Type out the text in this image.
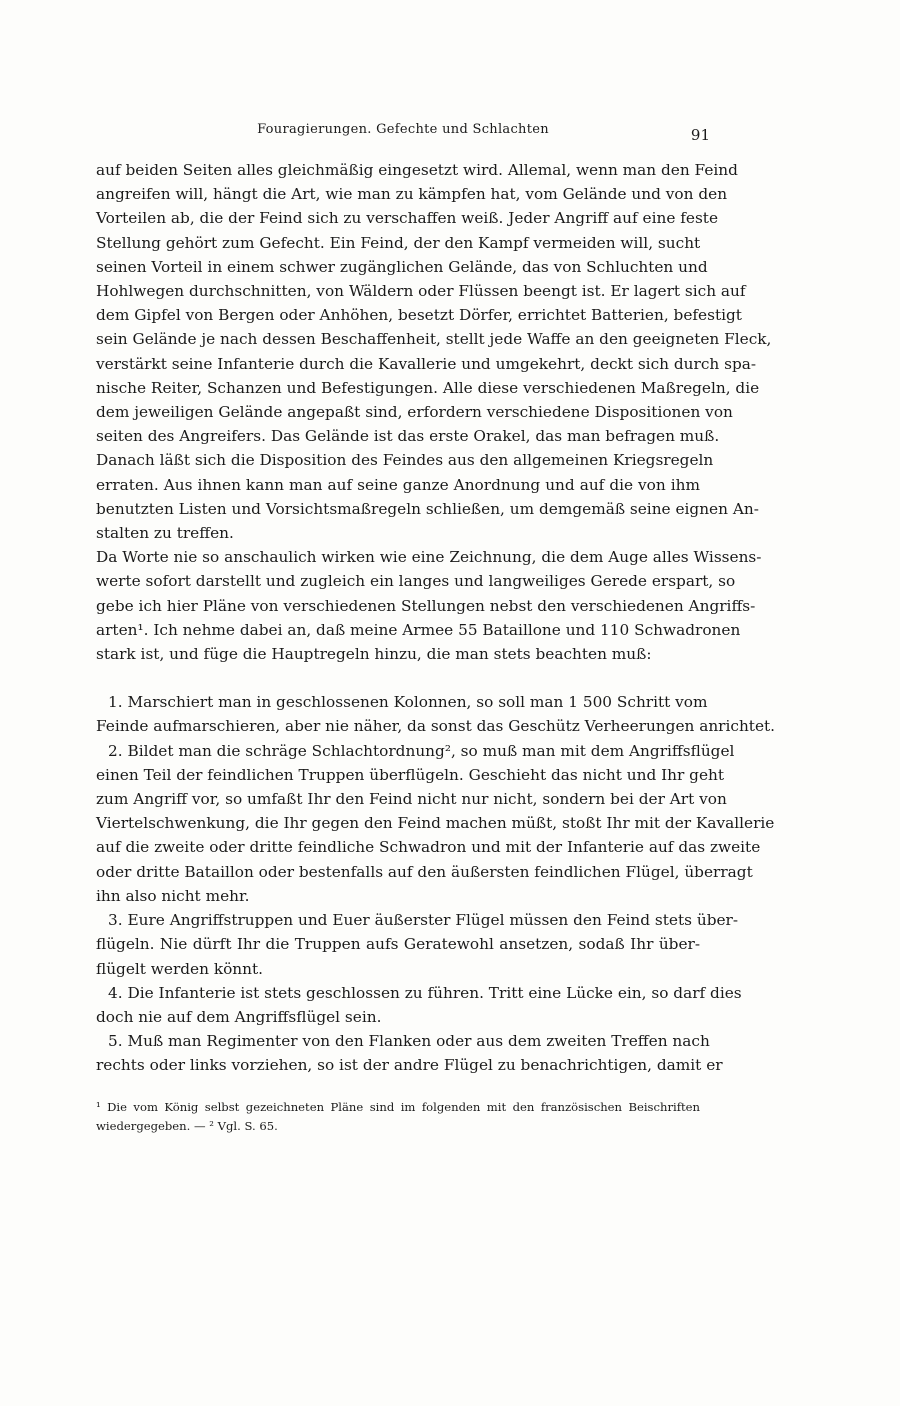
Fouragierungen. Gefechte und Schlachten	91
auf beiden Seiten alles gleichmäßig eingesetzt wird. Allemal, wenn man den Feind
angreifen will, hängt die Art, wie man zu kämpfen hat, vom Gelände und von den
Vorteilen ab, die der Feind sich zu verschaffen weiß. Jeder Angriff auf eine feste
Stellung gehört zum Gefecht. Ein Feind, der den Kampf vermeiden will, sucht
seinen Vorteil in einem schwer zugänglichen Gelände, das von Schluchten und
Hohlwegen durchschnitten, von Wäldern oder Flüssen beengt ist. Er lagert sich auf
dem Gipfel von Bergen oder Anhöhen, besetzt Dörfer, errichtet Batterien, befestigt
sein Gelände je nach dessen Beschaffenheit, stellt jede Waffe an den geeigneten Fleck,
verstärkt seine Infanterie durch die Kavallerie und umgekehrt, deckt sich durch spa-
nische Reiter, Schanzen und Befestigungen. Alle diese verschiedenen Maßregeln, die
dem jeweiligen Gelände angepaßt sind, erfordern verschiedene Dispositionen von
seiten des Angreifers. Das Gelände ist das erste Orakel, das man befragen muß.
Danach läßt sich die Disposition des Feindes aus den allgemeinen Kriegsregeln
erraten. Aus ihnen kann man auf seine ganze Anordnung und auf die von ihm
benutzten Listen und Vorsichtsmaßregeln schließen, um demgemäß seine eignen An-
stalten zu treffen.
Da Worte nie so anschaulich wirken wie eine Zeichnung, die dem Auge alles Wissens-
werte sofort darstellt und zugleich ein langes und langweiliges Gerede erspart, so
gebe ich hier Pläne von verschiedenen Stellungen nebst den verschiedenen Angriffs-
arten¹. Ich nehme dabei an, daß meine Armee 55 Bataillone und 110 Schwadronen
stark ist, und füge die Hauptregeln hinzu, die man stets beachten muß:
1. Marschiert man in geschlossenen Kolonnen, so soll man 1 500 Schritt vom
Feinde aufmarschieren, aber nie näher, da sonst das Geschütz Verheerungen anrichtet.
2. Bildet man die schräge Schlachtordnung², so muß man mit dem Angriffsflügel
einen Teil der feindlichen Truppen überflügeln. Geschieht das nicht und Ihr geht
zum Angriff vor, so umfaßt Ihr den Feind nicht nur nicht, sondern bei der Art von
Viertelschwenkung, die Ihr gegen den Feind machen müßt, stoßt Ihr mit der Kavallerie
auf die zweite oder dritte feindliche Schwadron und mit der Infanterie auf das zweite
oder dritte Bataillon oder bestenfalls auf den äußersten feindlichen Flügel, überragt
ihn also nicht mehr.
3. Eure Angriffstruppen und Euer äußerster Flügel müssen den Feind stets über-
flügeln. Nie dürft Ihr die Truppen aufs Geratewohl ansetzen, sodaß Ihr über-
flügelt werden könnt.
4. Die Infanterie ist stets geschlossen zu führen. Tritt eine Lücke ein, so darf dies
doch nie auf dem Angriffsflügel sein.
5. Muß man Regimenter von den Flanken oder aus dem zweiten Treffen nach
rechts oder links vorziehen, so ist der andre Flügel zu benachrichtigen, damit er
¹ Die vom König selbst gezeichneten Pläne sind im folgenden mit den französischen Beischriften
wiedergegeben. — ² Vgl. S. 65.
